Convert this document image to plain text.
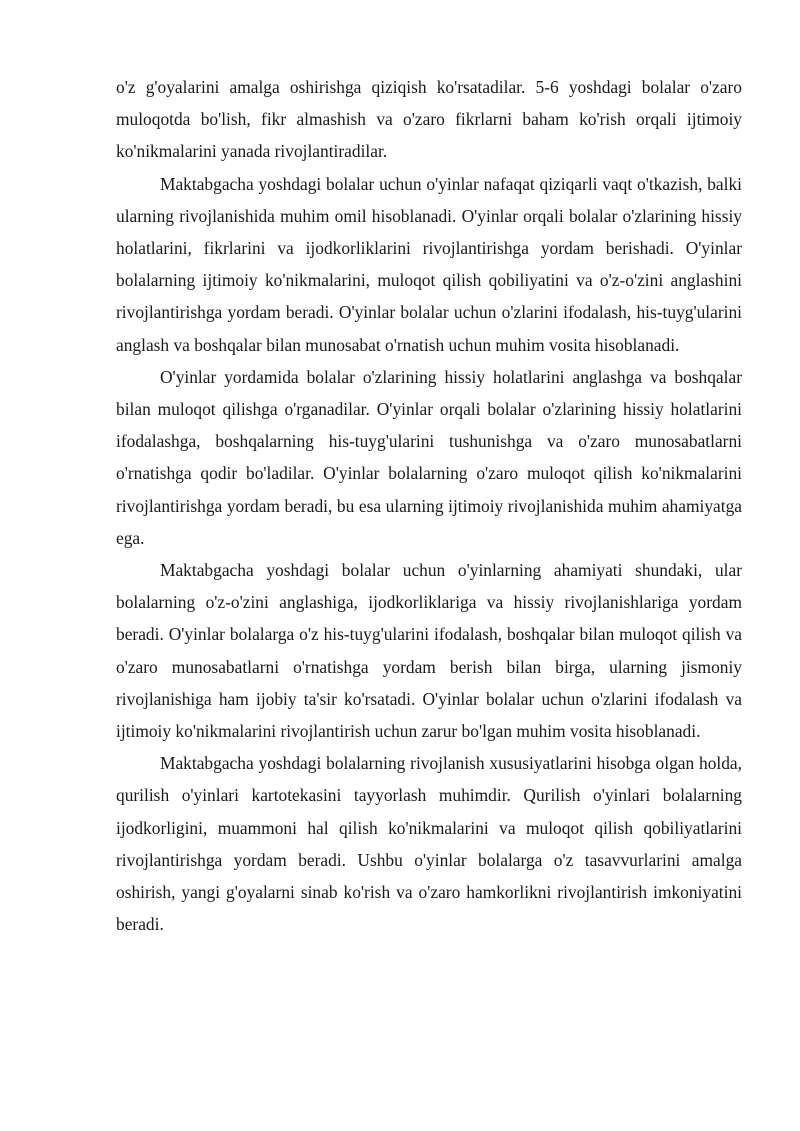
o'z g'oyalarini amalga oshirishga qiziqish ko'rsatadilar. 5-6 yoshdagi bolalar o'zaro muloqotda bo'lish, fikr almashish va o'zaro fikrlarni baham ko'rish orqali ijtimoiy ko'nikmalarini yanada rivojlantiradilar.

Maktabgacha yoshdagi bolalar uchun o'yinlar nafaqat qiziqarli vaqt o'tkazish, balki ularning rivojlanishida muhim omil hisoblanadi. O'yinlar orqali bolalar o'zlarining hissiy holatlarini, fikrlarini va ijodkorliklarini rivojlantirishga yordam berishadi. O'yinlar bolalarning ijtimoiy ko'nikmalarini, muloqot qilish qobiliyatini va o'z-o'zini anglashini rivojlantirishga yordam beradi. O'yinlar bolalar uchun o'zlarini ifodalash, his-tuyg'ularini anglash va boshqalar bilan munosabat o'rnatish uchun muhim vosita hisoblanadi.

O'yinlar yordamida bolalar o'zlarining hissiy holatlarini anglashga va boshqalar bilan muloqot qilishga o'rganadilar. O'yinlar orqali bolalar o'zlarining hissiy holatlarini ifodalashga, boshqalarning his-tuyg'ularini tushunishga va o'zaro munosabatlarni o'rnatishga qodir bo'ladilar. O'yinlar bolalarning o'zaro muloqot qilish ko'nikmalarini rivojlantirishga yordam beradi, bu esa ularning ijtimoiy rivojlanishida muhim ahamiyatga ega.

Maktabgacha yoshdagi bolalar uchun o'yinlarning ahamiyati shundaki, ular bolalarning o'z-o'zini anglashiga, ijodkorliklariga va hissiy rivojlanishlariga yordam beradi. O'yinlar bolalarga o'z his-tuyg'ularini ifodalash, boshqalar bilan muloqot qilish va o'zaro munosabatlarni o'rnatishga yordam berish bilan birga, ularning jismoniy rivojlanishiga ham ijobiy ta'sir ko'rsatadi. O'yinlar bolalar uchun o'zlarini ifodalash va ijtimoiy ko'nikmalarini rivojlantirish uchun zarur bo'lgan muhim vosita hisoblanadi.

Maktabgacha yoshdagi bolalarning rivojlanish xususiyatlarini hisobga olgan holda, qurilish o'yinlari kartotekasini tayyorlash muhimdir. Qurilish o'yinlari bolalarning ijodkorligini, muammoni hal qilish ko'nikmalarini va muloqot qilish qobiliyatlarini rivojlantirishga yordam beradi. Ushbu o'yinlar bolalarga o'z tasavvurlarini amalga oshirish, yangi g'oyalarni sinab ko'rish va o'zaro hamkorlikni rivojlantirish imkoniyatini beradi.
